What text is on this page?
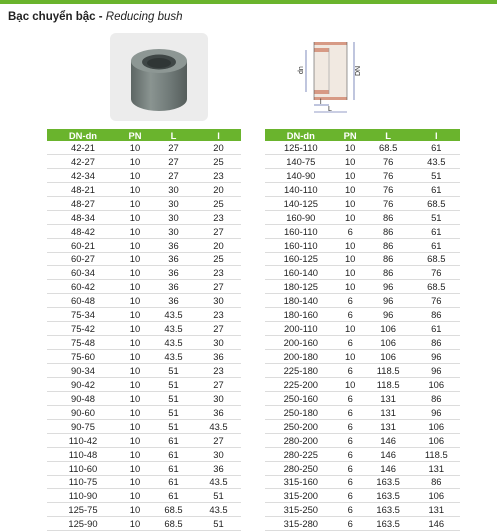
Bạc chuyển bậc - Reducing bush
dn	DN
l
L
DN-dn	PN	L	l
42-21	10	27	20
42-27	10	27	25
42-34	10	27	23
48-21	10	30	20
48-27	10	30	25
48-34	10	30	23
48-42	10	30	27
60-21	10	36	20
60-27	10	36	25
60-34	10	36	23
60-42	10	36	27
60-48	10	36	30
75-34	10	43.5	23
75-42	10	43.5	27
75-48	10	43.5	30
75-60	10	43.5	36
90-34	10	51	23
90-42	10	51	27
90-48	10	51	30
90-60	10	51	36
90-75	10	51	43.5
110-42	10	61	27
110-48	10	61	30
110-60	10	61	36
110-75	10	61	43.5
110-90	10	61	51
125-75	10	68.5	43.5
125-90	10	68.5	51
DN-dn	PN	L	l
125-110	10	68.5	61
140-75	10	76	43.5
140-90	10	76	51
140-110	10	76	61
140-125	10	76	68.5
160-90	10	86	51
160-110	6	86	61
160-110	10	86	61
160-125	10	86	68.5
160-140	10	86	76
180-125	10	96	68.5
180-140	6	96	76
180-160	6	96	86
200-110	10	106	61
200-160	6	106	86
200-180	10	106	96
225-180	6	118.5	96
225-200	10	118.5	106
250-160	6	131	86
250-180	6	131	96
250-200	6	131	106
280-200	6	146	106
280-225	6	146	118.5
280-250	6	146	131
315-160	6	163.5	86
315-200	6	163.5	106
315-250	6	163.5	131
315-280	6	163.5	146
